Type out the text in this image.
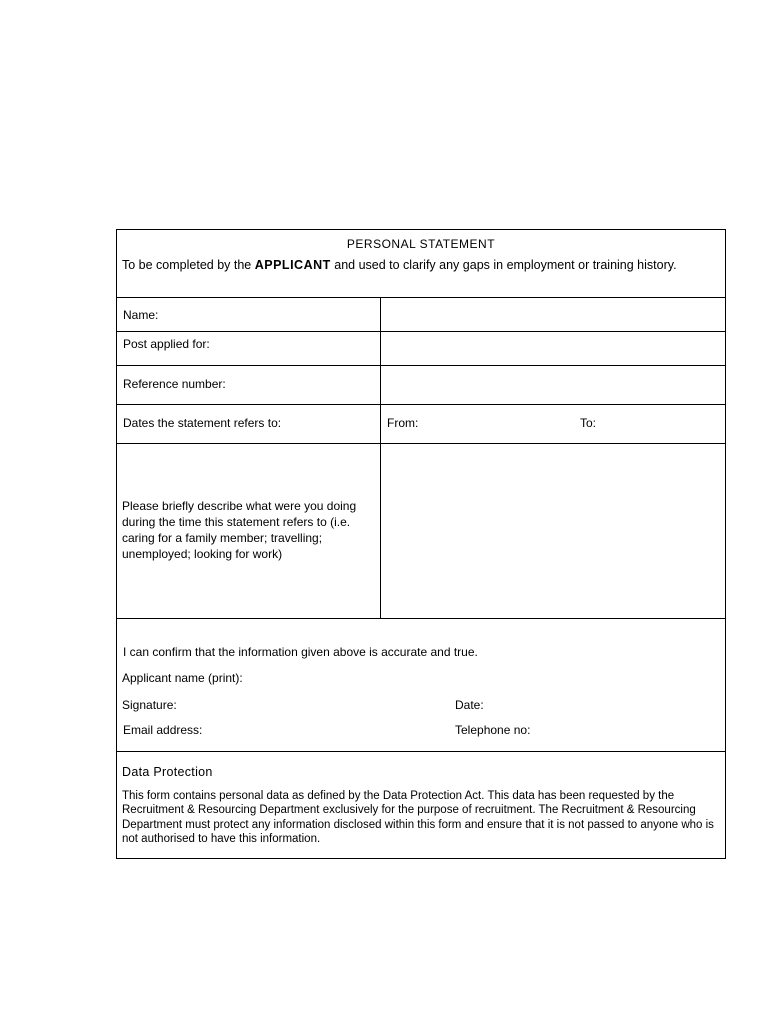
PERSONAL STATEMENT
To be completed by the APPLICANT and used to clarify any gaps in employment or training history.
Name:
Post applied for:
Reference number:
Dates the statement refers to:	From:	To:
Please briefly describe what were you doing during the time this statement refers to (i.e. caring for a family member; travelling; unemployed; looking for work)
I can confirm that the information given above is accurate and true.
Applicant name (print):
Signature:	Date:
Email address:	Telephone no:
Data Protection
This form contains personal data as defined by the Data Protection Act. This data has been requested by the Recruitment & Resourcing Department exclusively for the purpose of recruitment. The Recruitment & Resourcing Department must protect any information disclosed within this form and ensure that it is not passed to anyone who is not authorised to have this information.
